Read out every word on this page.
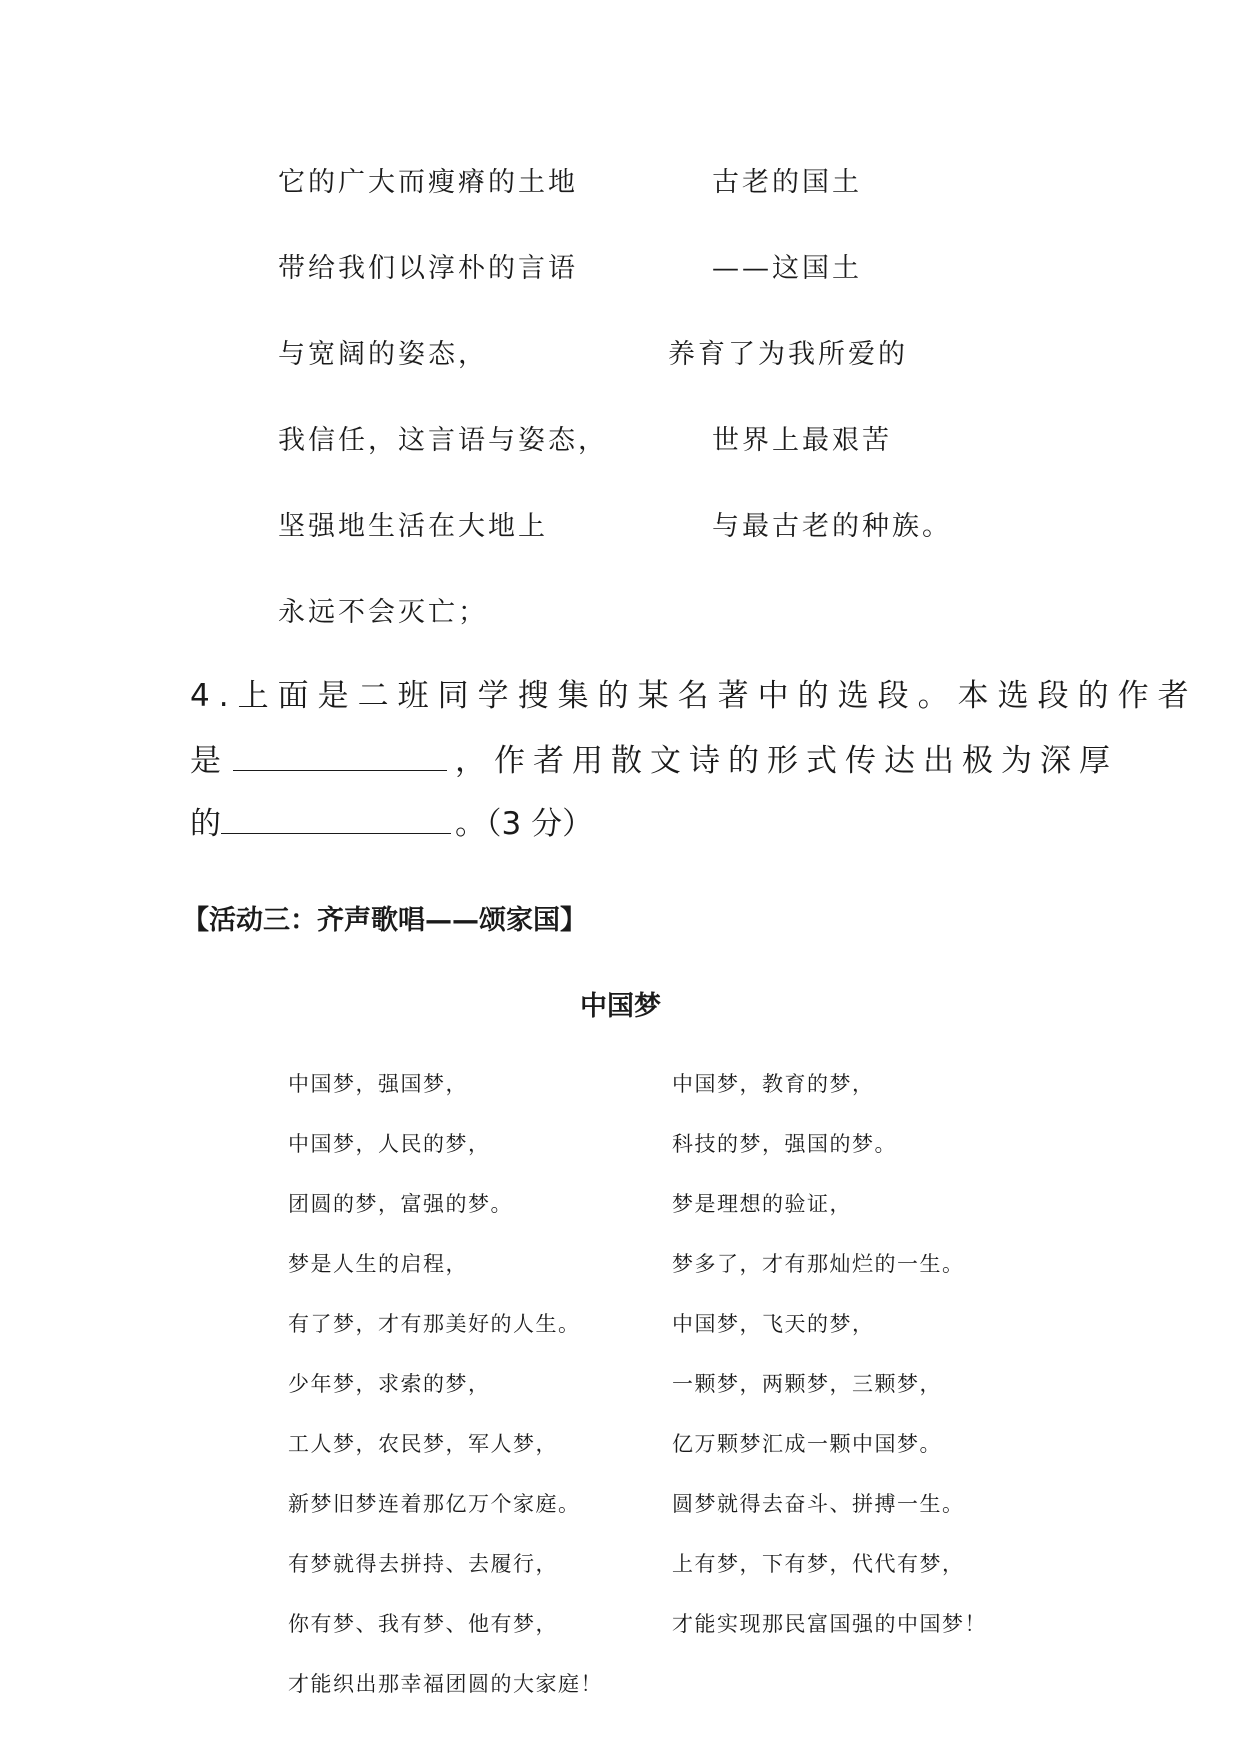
它的广大而瘦瘠的土地
带给我们以淳朴的言语
与宽阔的姿态，
我信任，这言语与姿态，
坚强地生活在大地上
永远不会灭亡；
古老的国土
——这国土
养育了为我所爱的
世界上最艰苦
与最古老的种族。
4.上面是二班同学搜集的某名著中的选段。本选段的作者
是	，作者用散文诗的形式传达出极为深厚
的	。（3 分）
【活动三：齐声歌唱——颂家国】
中国梦
中国梦，强国梦，
中国梦，人民的梦，
团圆的梦，富强的梦。
梦是人生的启程，
有了梦，才有那美好的人生。
少年梦，求索的梦，
工人梦，农民梦，军人梦，
新梦旧梦连着那亿万个家庭。
有梦就得去拼持、去履行，
你有梦、我有梦、他有梦，
才能织出那幸福团圆的大家庭！
中国梦，教育的梦，
科技的梦，强国的梦。
梦是理想的验证，
梦多了，才有那灿烂的一生。
中国梦，飞天的梦，
一颗梦，两颗梦，三颗梦，
亿万颗梦汇成一颗中国梦。
圆梦就得去奋斗、拼搏一生。
上有梦，下有梦，代代有梦，
才能实现那民富国强的中国梦！
